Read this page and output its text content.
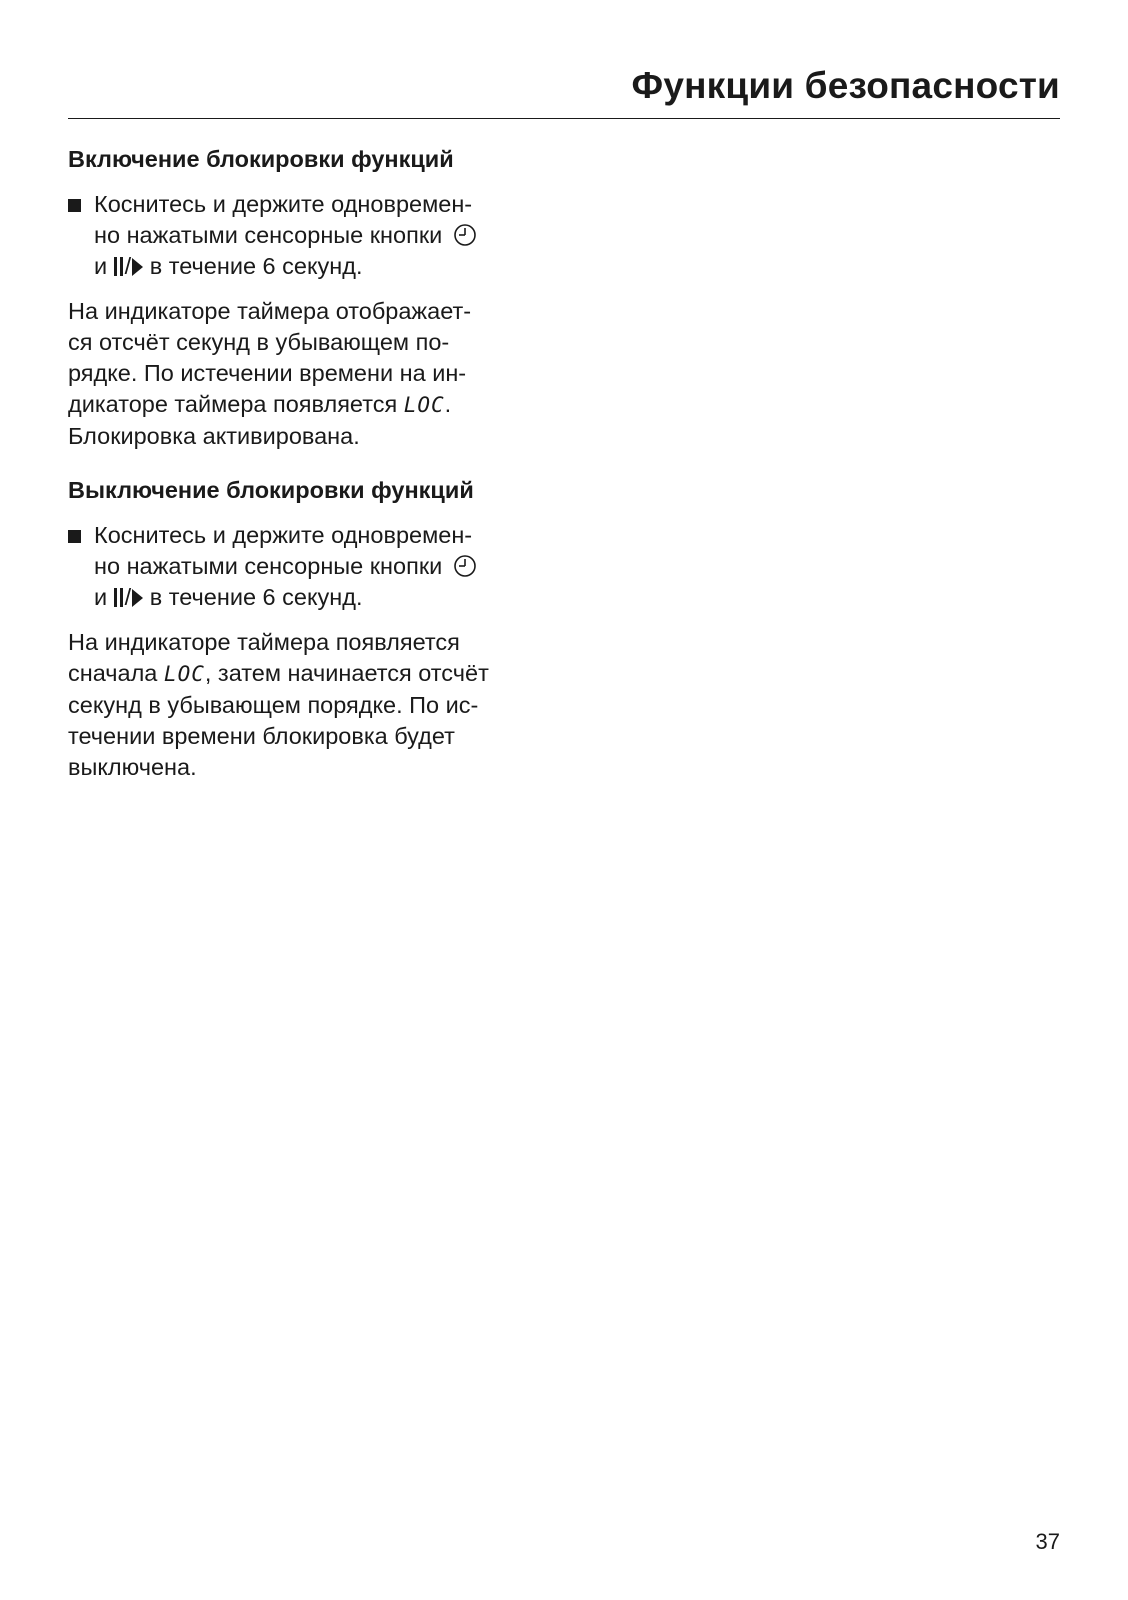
Функции безопасности
Включение блокировки функций
Коснитесь и держите одновремен-
но нажатыми сенсорные кнопки
и / в течение 6 секунд.
На индикаторе таймера отображает-
ся отсчёт секунд в убывающем по-
рядке. По истечении времени на ин-
дикаторе таймера появляется LOC.
Блокировка активирована.
Выключение блокировки функций
Коснитесь и держите одновремен-
но нажатыми сенсорные кнопки
и / в течение 6 секунд.
На индикаторе таймера появляется
сначала LOC, затем начинается отсчёт
секунд в убывающем порядке. По ис-
течении времени блокировка будет
выключена.
37
